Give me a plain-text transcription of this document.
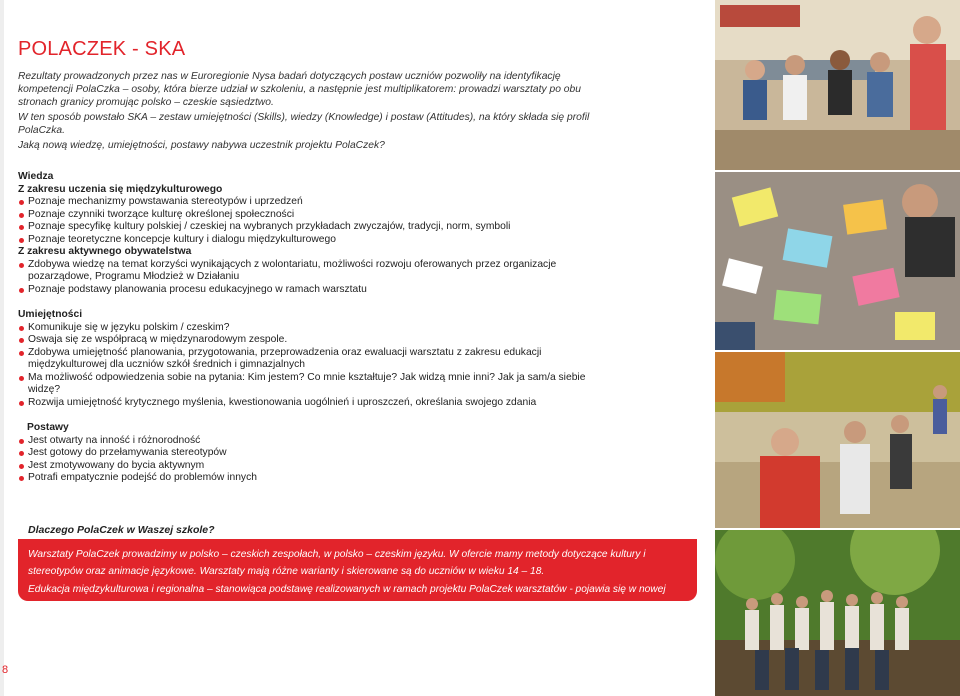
8
POLACZEK - SKA

Rezultaty prowadzonych przez nas w Euroregionie Nysa badań dotyczących postaw uczniów pozwoliły na identyfikację kompetencji PolaCzka – osoby, która bierze udział w szkoleniu, a następnie jest multiplikatorem: prowadzi warsztaty po obu stronach granicy promując polsko – czeskie sąsiedztwo.

W ten sposób powstało SKA – zestaw umiejętności (Skills), wiedzy (Knowledge) i postaw (Attitudes), na który składa się profil PolaCzka.

Jaką nową wiedzę, umiejętności, postawy nabywa uczestnik projektu PolaCzek?

Wiedza
Z zakresu uczenia się międzykulturowego
Poznaje mechanizmy powstawania stereotypów i uprzedzeń
Poznaje czynniki tworzące kulturę określonej społeczności
Poznaje specyfikę kultury polskiej / czeskiej na wybranych przykładach zwyczajów, tradycji, norm, symboli
Poznaje teoretyczne koncepcje kultury i dialogu międzykulturowego
Z zakresu aktywnego obywatelstwa
Zdobywa wiedzę na temat korzyści wynikających z wolontariatu, możliwości rozwoju oferowanych przez organizacje pozarządowe, Programu Młodzież w Działaniu
Poznaje podstawy planowania procesu edukacyjnego w ramach warsztatu
Umiejętności
Komunikuje się w języku polskim / czeskim?
Oswaja się ze współpracą w międzynarodowym zespole.
Zdobywa umiejętność planowania, przygotowania, przeprowadzenia oraz ewaluacji warsztatu z zakresu edukacji międzykulturowej dla uczniów szkół średnich i gimnazjalnych
Ma możliwość odpowiedzenia sobie na pytania: Kim jestem? Co mnie kształtuje? Jak widzą mnie inni? Jak ja sam/a siebie widzę?
Rozwija umiejętność krytycznego myślenia, kwestionowania uogólnień i uproszczeń, określania swojego zdania
Postawy
Jest otwarty na inność i różnorodność
Jest gotowy do przełamywania stereotypów
Jest zmotywowany do bycia aktywnym
Potrafi empatycznie podejść do problemów innych
Dlaczego PolaCzek w Waszej szkole?

Warsztaty PolaCzek prowadzimy w polsko – czeskich zespołach, w polsko – czeskim języku. W ofercie mamy metody dotyczące kultury i stereotypów oraz animacje językowe. Warsztaty mają różne warianty i skierowane są do uczniów w wieku 14 – 18.

Edukacja międzykulturowa i regionalna – stanowiąca podstawę realizowanych w ramach projektu PolaCzek warsztatów - pojawia się w nowej podstawie programowej głównie w ramach wiedzy o społeczeństwie, geografii, historii.
